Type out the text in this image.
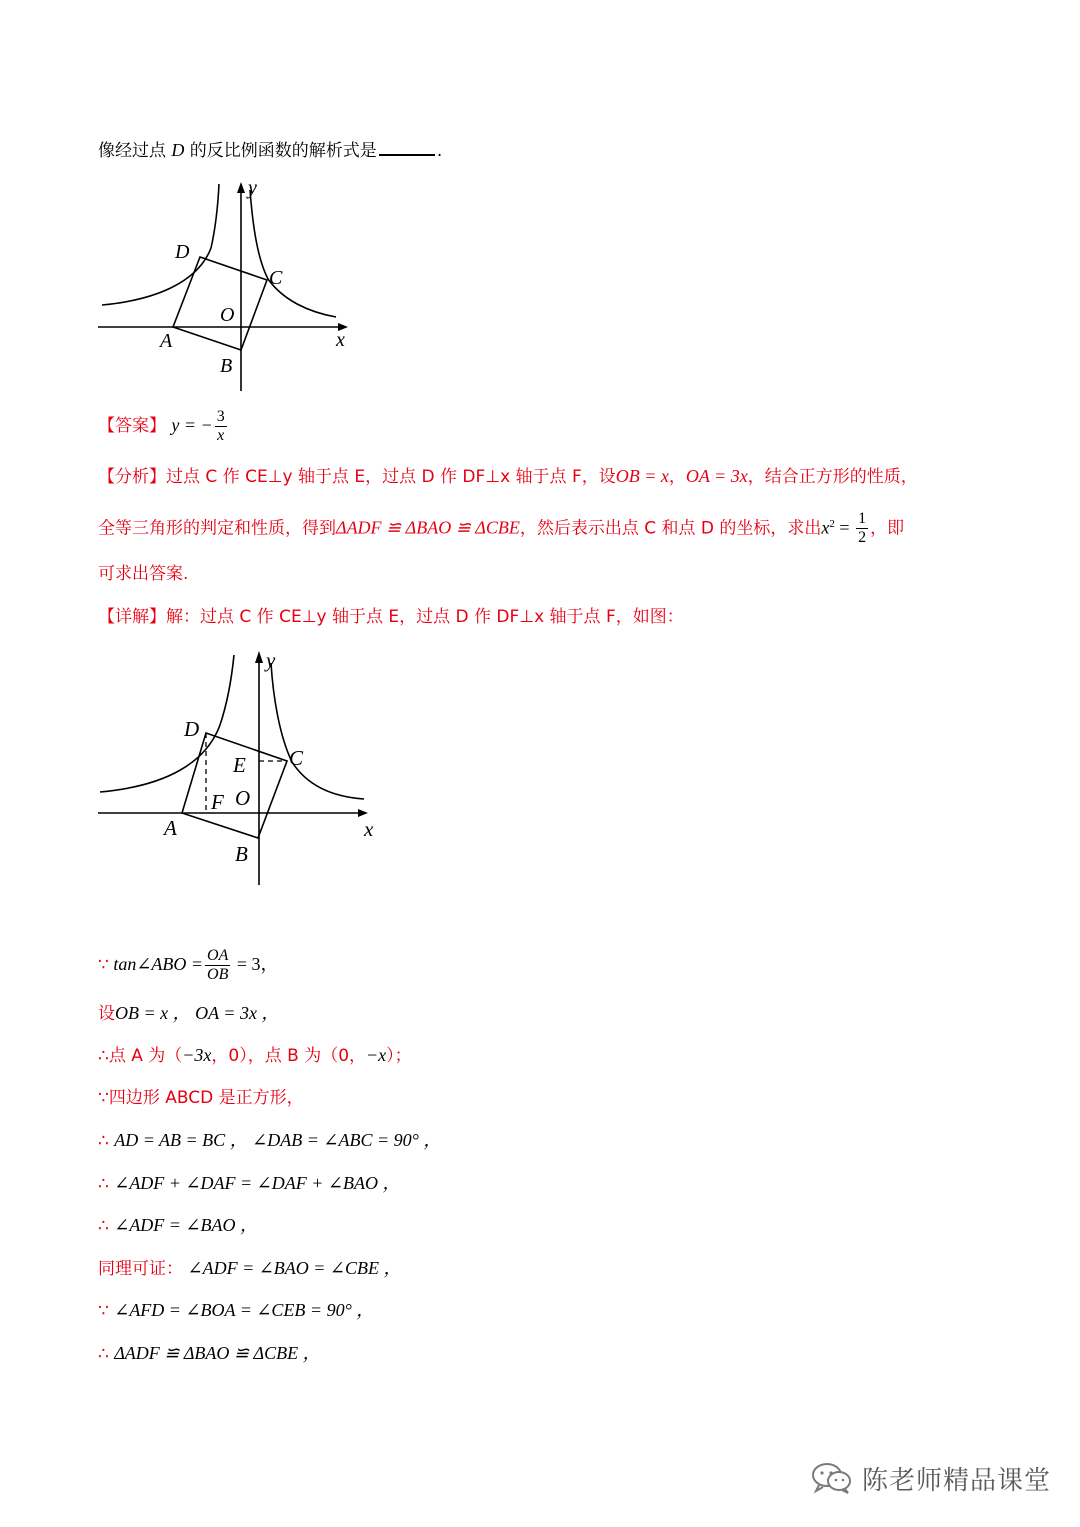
像经过点 D 的反比例函数的解析式是	.
D
C
O
A
B
x
y
【答案】 y = − $\frac{3}{x}$
【分析】过点 C 作 CE⊥y 轴于点 E，过点 D 作 DF⊥x 轴于点 F，设OB = x，OA = 3x，结合正方形的性质，
全等三角形的判定和性质，得到ΔADF ≌ ΔBAO ≌ ΔCBE，然后表示出点 C 和点 D 的坐标，求出$x^2 = \frac{1}{2}$ ，即
可求出答案.
【详解】解：过点 C 作 CE⊥y 轴于点 E，过点 D 作 DF⊥x 轴于点 F，如图：
D
C
E
F O
A
B
x
y
∵ tan∠ABO = $\frac{OA}{OB} = 3$，
设OB = x ， OA = 3x ，
∴点 A 为（−3x，0），点 B 为（0，−x）；
∵四边形 ABCD 是正方形，
∴ AD = AB = BC ， ∠DAB = ∠ABC = 90° ，
∴ ∠ADF + ∠DAF = ∠DAF + ∠BAO ，
∴ ∠ADF = ∠BAO ，
同理可证： ∠ADF = ∠BAO = ∠CBE ，
∵ ∠AFD = ∠BOA = ∠CEB = 90° ，
∴ ΔADF ≌ ΔBAO ≌ ΔCBE ，
陈老师精品课堂
